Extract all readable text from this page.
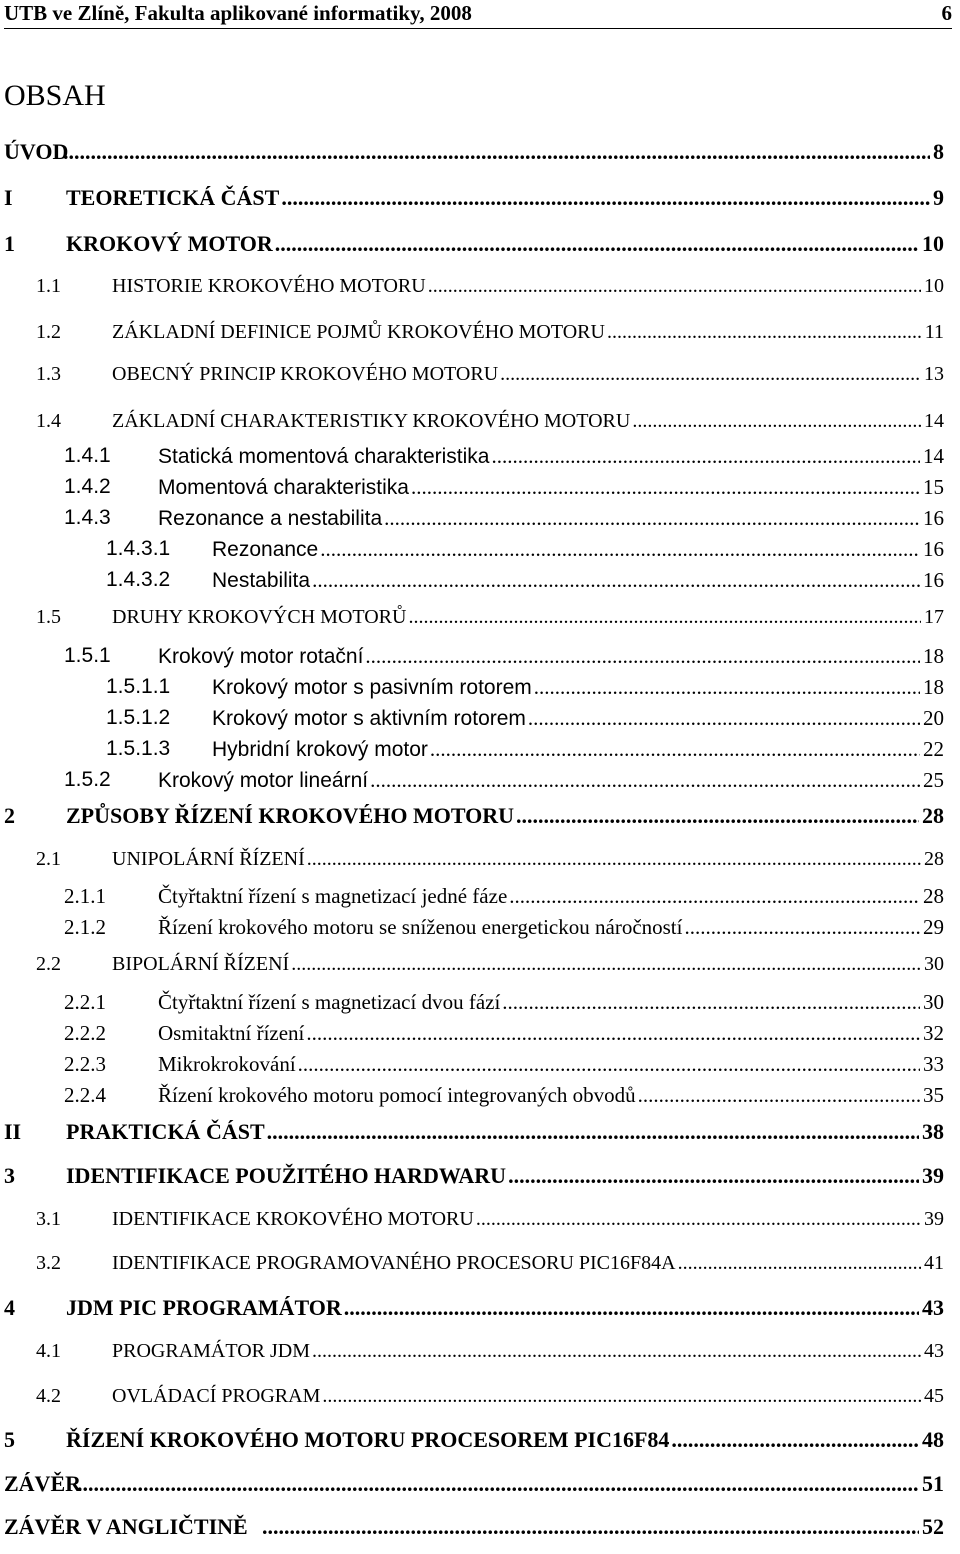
UTB ve Zlíně, Fakulta aplikované informatiky, 2008	6
OBSAH
ÚVOD .....	8
I TEORETICKÁ ČÁST .....	9
1 KROKOVÝ MOTOR .....	10
1.1	HISTORIE KROKOVÉHO MOTORU .....	10
1.2	ZÁKLADNÍ DEFINICE POJMŮ KROKOVÉHO MOTORU .....	11
1.3	OBECNÝ PRINCIP KROKOVÉHO MOTORU .....	13
1.4	ZÁKLADNÍ CHARAKTERISTIKY KROKOVÉHO MOTORU .....	14
1.4.1 Statická momentová charakteristika .....	14
1.4.2 Momentová charakteristika .....	15
1.4.3 Rezonance a nestabilita .....	16
1.4.3.1 Rezonance .....	16
1.4.3.2 Nestabilita .....	16
1.5	DRUHY KROKOVÝCH MOTORŮ .....	17
1.5.1 Krokový motor rotační .....	18
1.5.1.1 Krokový motor s pasivním rotorem .....	18
1.5.1.2 Krokový motor s aktivním rotorem .....	20
1.5.1.3 Hybridní krokový motor .....	22
1.5.2 Krokový motor lineární .....	25
2 ZPŮSOBY ŘÍZENÍ KROKOVÉHO MOTORU .....	28
2.1	UNIPOLÁRNÍ ŘÍZENÍ .....	28
2.1.1 Čtyřtaktní řízení s magnetizací jedné fáze .....	28
2.1.2 Řízení krokového motoru se sníženou energetickou náročností .....	29
2.2	BIPOLÁRNÍ ŘÍZENÍ .....	30
2.2.1 Čtyřtaktní řízení s magnetizací dvou fází .....	30
2.2.2 Osmitaktní řízení .....	32
2.2.3 Mikrokrokování .....	33
2.2.4 Řízení krokového motoru pomocí integrovaných obvodů .....	35
II PRAKTICKÁ ČÁST .....	38
3 IDENTIFIKACE POUŽITÉHO HARDWARU .....	39
3.1	IDENTIFIKACE KROKOVÉHO MOTORU .....	39
3.2	IDENTIFIKACE PROGRAMOVANÉHO PROCESORU PIC16F84A .....	41
4 JDM PIC PROGRAMÁTOR .....	43
4.1	PROGRAMÁTOR JDM .....	43
4.2	OVLÁDACÍ PROGRAM .....	45
5 ŘÍZENÍ KROKOVÉHO MOTORU PROCESOREM PIC16F84 .....	48
ZÁVĚR .....	51
ZÁVĚR V ANGLIČTINĚ .....	52
